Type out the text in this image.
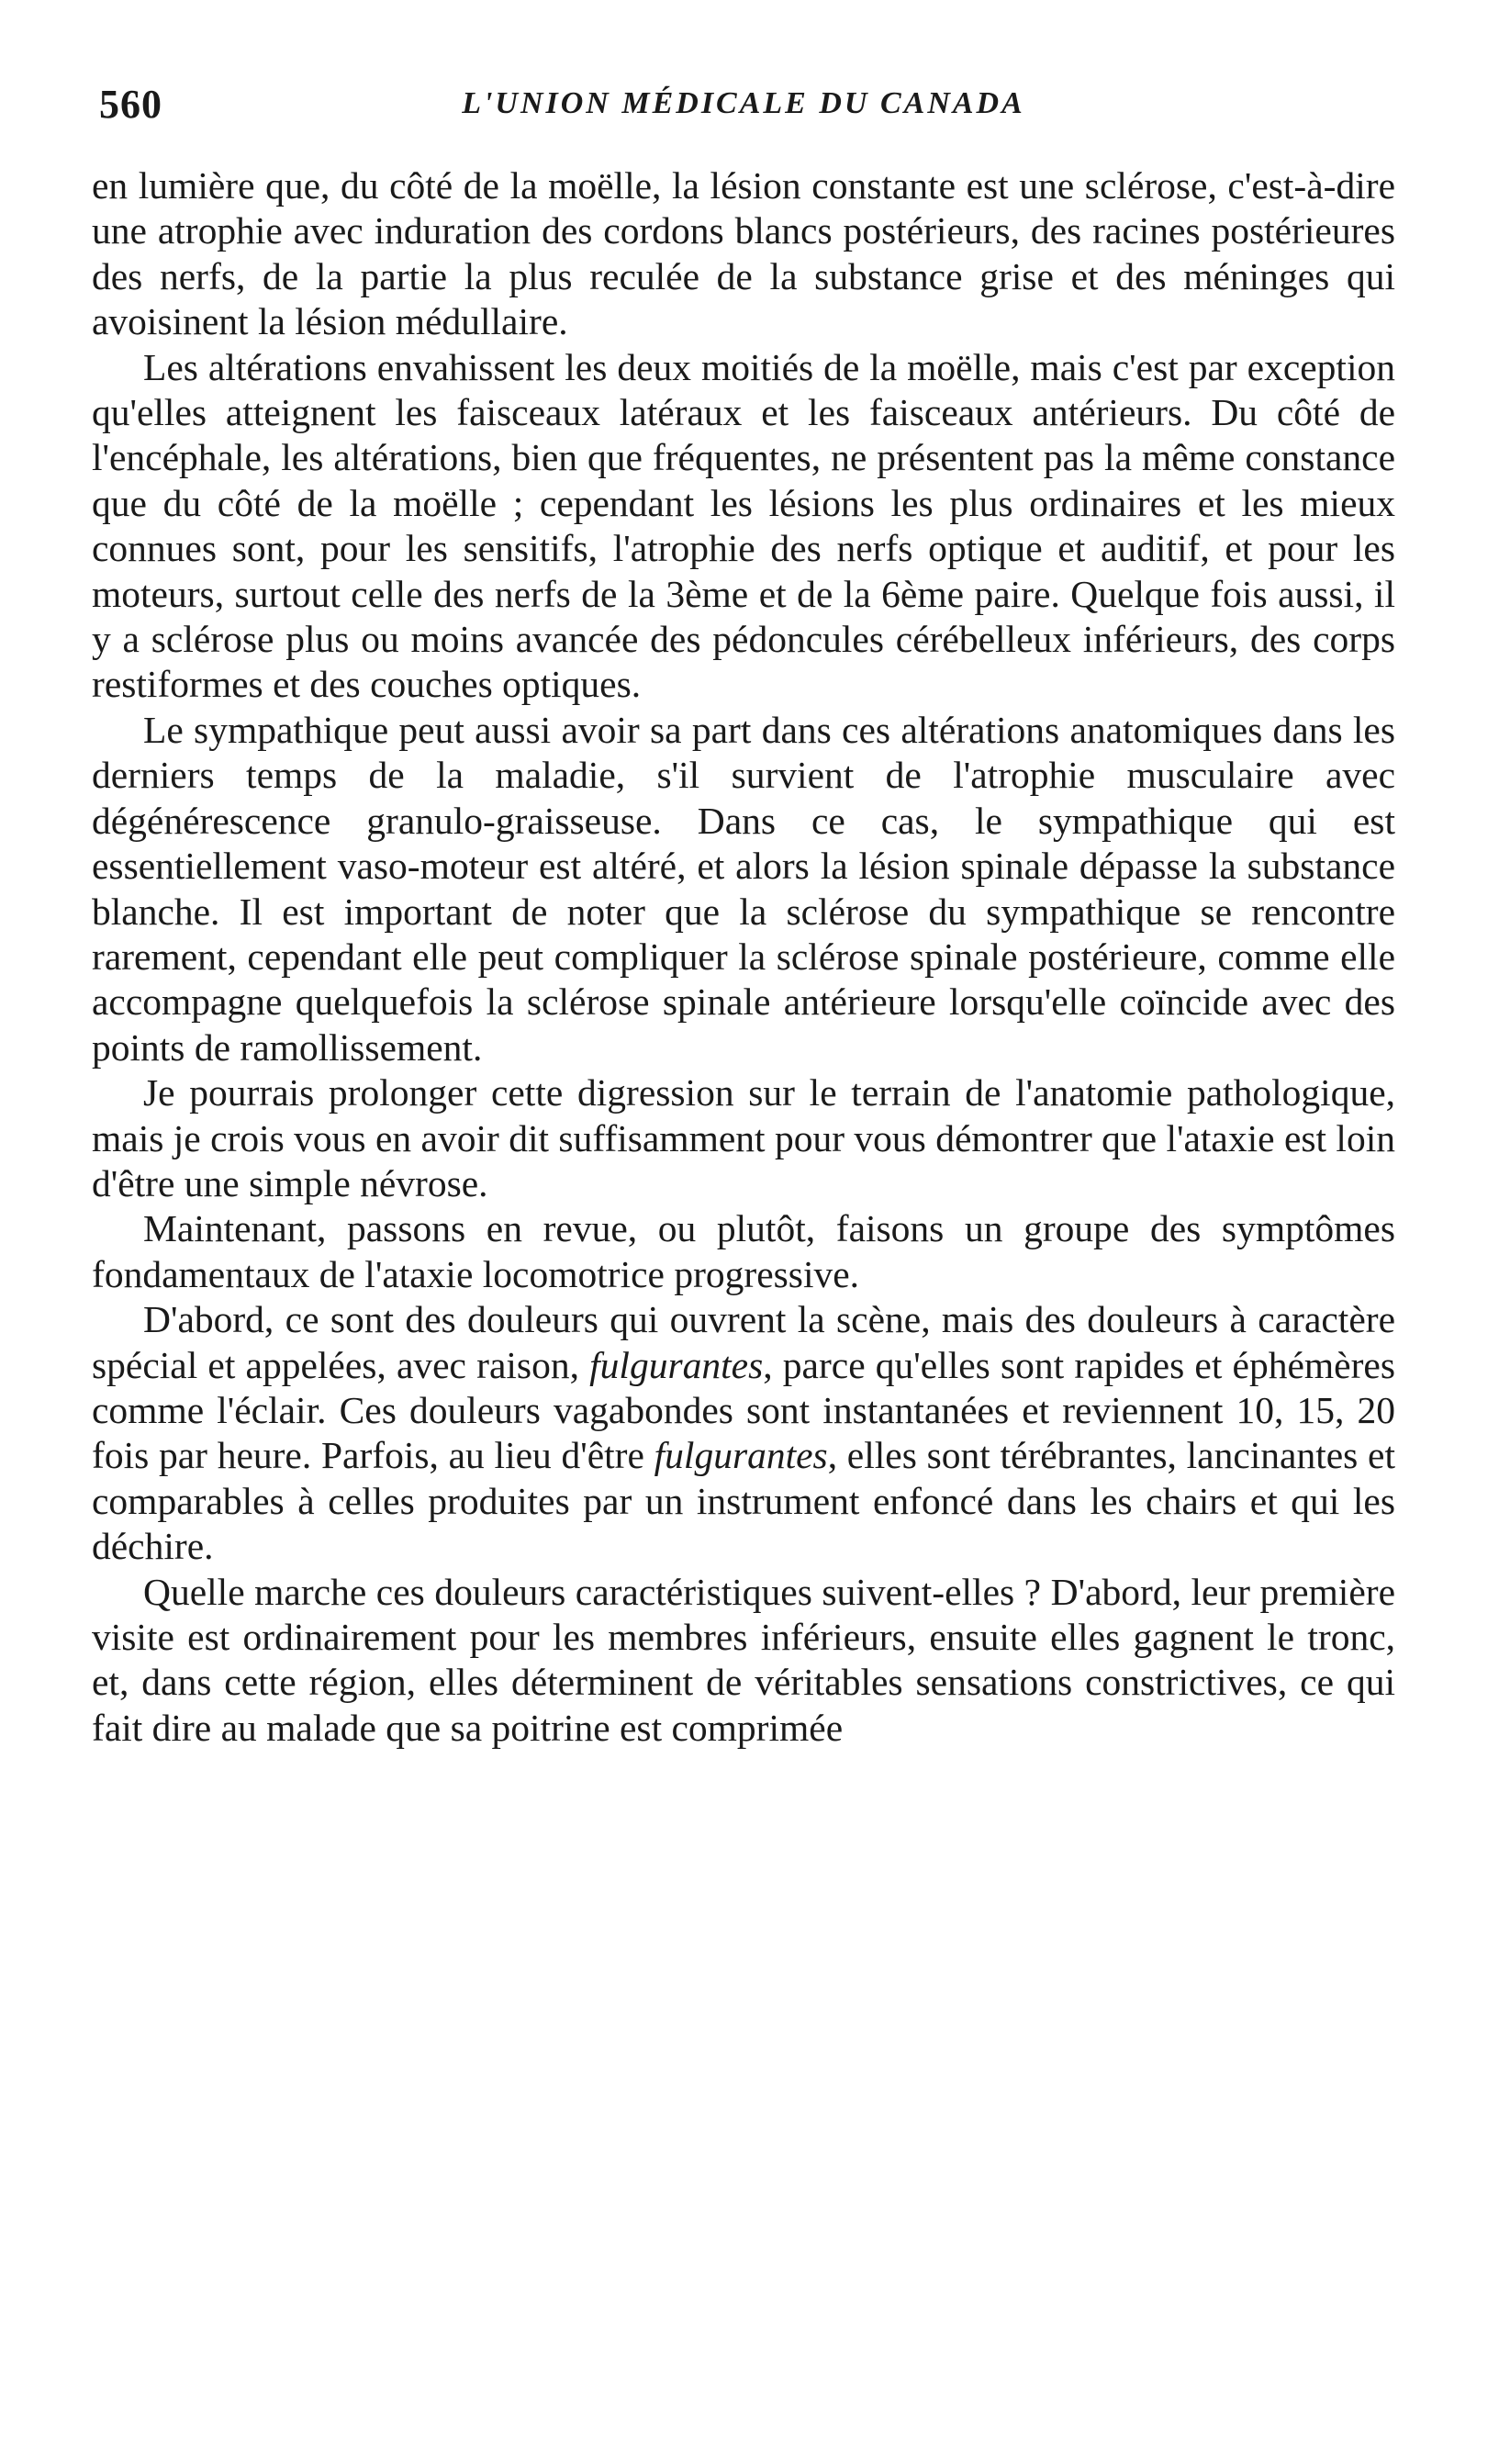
560	L'UNION MÉDICALE DU CANADA

en lumière que, du côté de la moëlle, la lésion constante est une sclérose, c'est-à-dire une atrophie avec induration des cordons blancs postérieurs, des racines postérieures des nerfs, de la partie la plus reculée de la substance grise et des méninges qui avoisinent la lésion médullaire.

Les altérations envahissent les deux moitiés de la moëlle, mais c'est par exception qu'elles atteignent les faisceaux latéraux et les faisceaux antérieurs. Du côté de l'encéphale, les altérations, bien que fréquentes, ne présentent pas la même constance que du côté de la moëlle ; cependant les lésions les plus ordinaires et les mieux connues sont, pour les sensitifs, l'atrophie des nerfs optique et auditif, et pour les moteurs, surtout celle des nerfs de la 3ème et de la 6ème paire. Quelque fois aussi, il y a sclérose plus ou moins avancée des pédoncules cérébelleux inférieurs, des corps restiformes et des couches optiques.

Le sympathique peut aussi avoir sa part dans ces altérations anatomiques dans les derniers temps de la maladie, s'il survient de l'atrophie musculaire avec dégénérescence granulo-graisseuse. Dans ce cas, le sympathique qui est essentiellement vaso-moteur est altéré, et alors la lésion spinale dépasse la substance blanche. Il est important de noter que la sclérose du sympathique se rencontre rarement, cependant elle peut compliquer la sclérose spinale postérieure, comme elle accompagne quelquefois la sclérose spinale antérieure lorsqu'elle coïncide avec des points de ramollissement.

Je pourrais prolonger cette digression sur le terrain de l'anatomie pathologique, mais je crois vous en avoir dit suffisamment pour vous démontrer que l'ataxie est loin d'être une simple névrose.

Maintenant, passons en revue, ou plutôt, faisons un groupe des symptômes fondamentaux de l'ataxie locomotrice progressive.

D'abord, ce sont des douleurs qui ouvrent la scène, mais des douleurs à caractère spécial et appelées, avec raison, fulgurantes, parce qu'elles sont rapides et éphémères comme l'éclair. Ces douleurs vagabondes sont instantanées et reviennent 10, 15, 20 fois par heure. Parfois, au lieu d'être fulgurantes, elles sont térébrantes, lancinantes et comparables à celles produites par un instrument enfoncé dans les chairs et qui les déchire.

Quelle marche ces douleurs caractéristiques suivent-elles ? D'abord, leur première visite est ordinairement pour les membres inférieurs, ensuite elles gagnent le tronc, et, dans cette région, elles déterminent de véritables sensations constrictives, ce qui fait dire au malade que sa poitrine est comprimée
